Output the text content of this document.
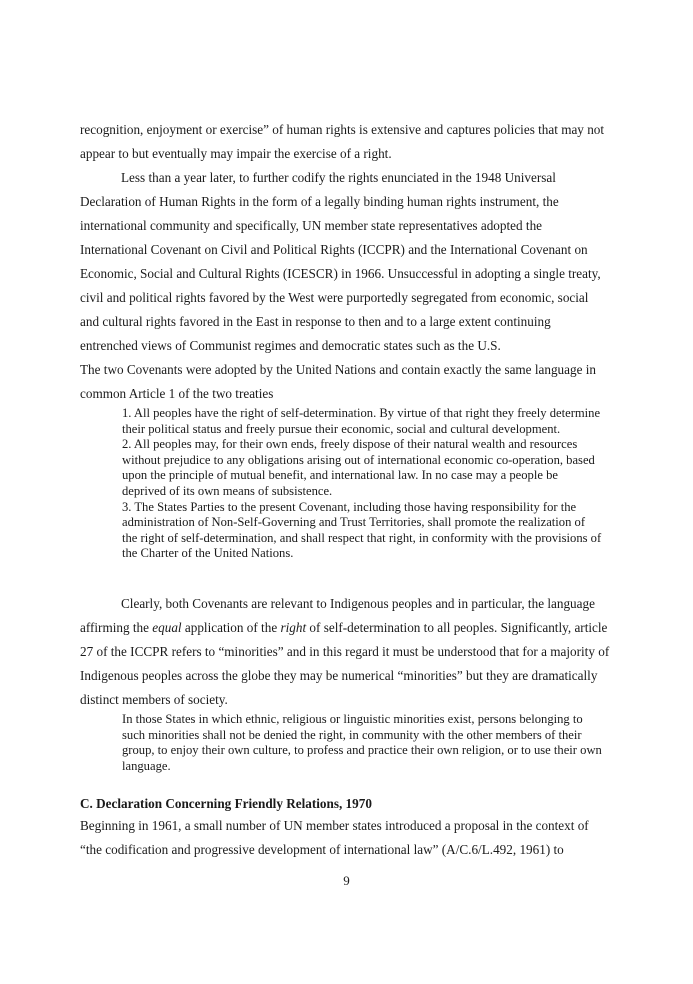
recognition, enjoyment or exercise” of human rights is extensive and captures policies that may not appear to but eventually may impair the exercise of a right.

Less than a year later, to further codify the rights enunciated in the 1948 Universal Declaration of Human Rights in the form of a legally binding human rights instrument, the international community and specifically, UN member state representatives adopted the International Covenant on Civil and Political Rights (ICCPR) and the International Covenant on Economic, Social and Cultural Rights (ICESCR) in 1966. Unsuccessful in adopting a single treaty, civil and political rights favored by the West were purportedly segregated from economic, social and cultural rights favored in the East in response to then and to a large extent continuing entrenched views of Communist regimes and democratic states such as the U.S.

The two Covenants were adopted by the United Nations and contain exactly the same language in common Article 1 of the two treaties

1. All peoples have the right of self-determination. By virtue of that right they freely determine their political status and freely pursue their economic, social and cultural development.

2. All peoples may, for their own ends, freely dispose of their natural wealth and resources without prejudice to any obligations arising out of international economic co-operation, based upon the principle of mutual benefit, and international law. In no case may a people be deprived of its own means of subsistence.

3. The States Parties to the present Covenant, including those having responsibility for the administration of Non-Self-Governing and Trust Territories, shall promote the realization of the right of self-determination, and shall respect that right, in conformity with the provisions of the Charter of the United Nations.

Clearly, both Covenants are relevant to Indigenous peoples and in particular, the language affirming the equal application of the right of self-determination to all peoples. Significantly, article 27 of the ICCPR refers to “minorities” and in this regard it must be understood that for a majority of Indigenous peoples across the globe they may be numerical “minorities” but they are dramatically distinct members of society.

In those States in which ethnic, religious or linguistic minorities exist, persons belonging to such minorities shall not be denied the right, in community with the other members of their group, to enjoy their own culture, to profess and practice their own religion, or to use their own language.

C. Declaration Concerning Friendly Relations, 1970

Beginning in 1961, a small number of UN member states introduced a proposal in the context of “the codification and progressive development of international law” (A/C.6/L.492, 1961) to

9
